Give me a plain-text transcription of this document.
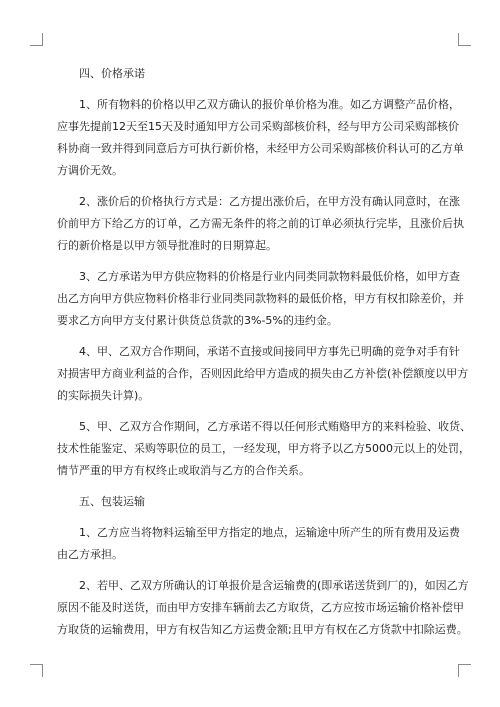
四、价格承诺
1、所有物料的价格以甲乙双方确认的报价单价格为准。如乙方调整产品价格，
应事先提前12天至15天及时通知甲方公司采购部核价科，经与甲方公司采购部核价
科协商一致并得到同意后方可执行新价格，未经甲方公司采购部核价科认可的乙方单
方调价无效。
2、涨价后的价格执行方式是：乙方提出涨价后，在甲方没有确认同意时，在涨
价前甲方下给乙方的订单，乙方需无条件的将之前的订单必须执行完毕，且涨价后执
行的新价格是以甲方领导批准时的日期算起。
3、乙方承诺为甲方供应物料的价格是行业内同类同款物料最低价格，如甲方查
出乙方向甲方供应物料价格非行业同类同款物料的最低价格，甲方有权扣除差价，并
要求乙方向甲方支付累计供货总货款的3%-5%的违约金。
4、甲、乙双方合作期间，承诺不直接或间接同甲方事先已明确的竞争对手有针
对损害甲方商业利益的合作，否则因此给甲方造成的损失由乙方补偿(补偿额度以甲方
的实际损失计算)。
5、甲、乙双方合作期间，乙方承诺不得以任何形式贿赂甲方的来料检验、收货、
技术性能鉴定、采购等职位的员工，一经发现，甲方将予以乙方5000元以上的处罚，
情节严重的甲方有权终止或取消与乙方的合作关系。
五、包装运输
1、乙方应当将物料运输至甲方指定的地点，运输途中所产生的所有费用及运费
由乙方承担。
2、若甲、乙双方所确认的订单报价是含运输费的(即承诺送货到厂的)，如因乙方
原因不能及时送货，而由甲方安排车辆前去乙方取货，乙方应按市场运输价格补偿甲
方取货的运输费用，甲方有权告知乙方运费金额;且甲方有权在乙方货款中扣除运费。
